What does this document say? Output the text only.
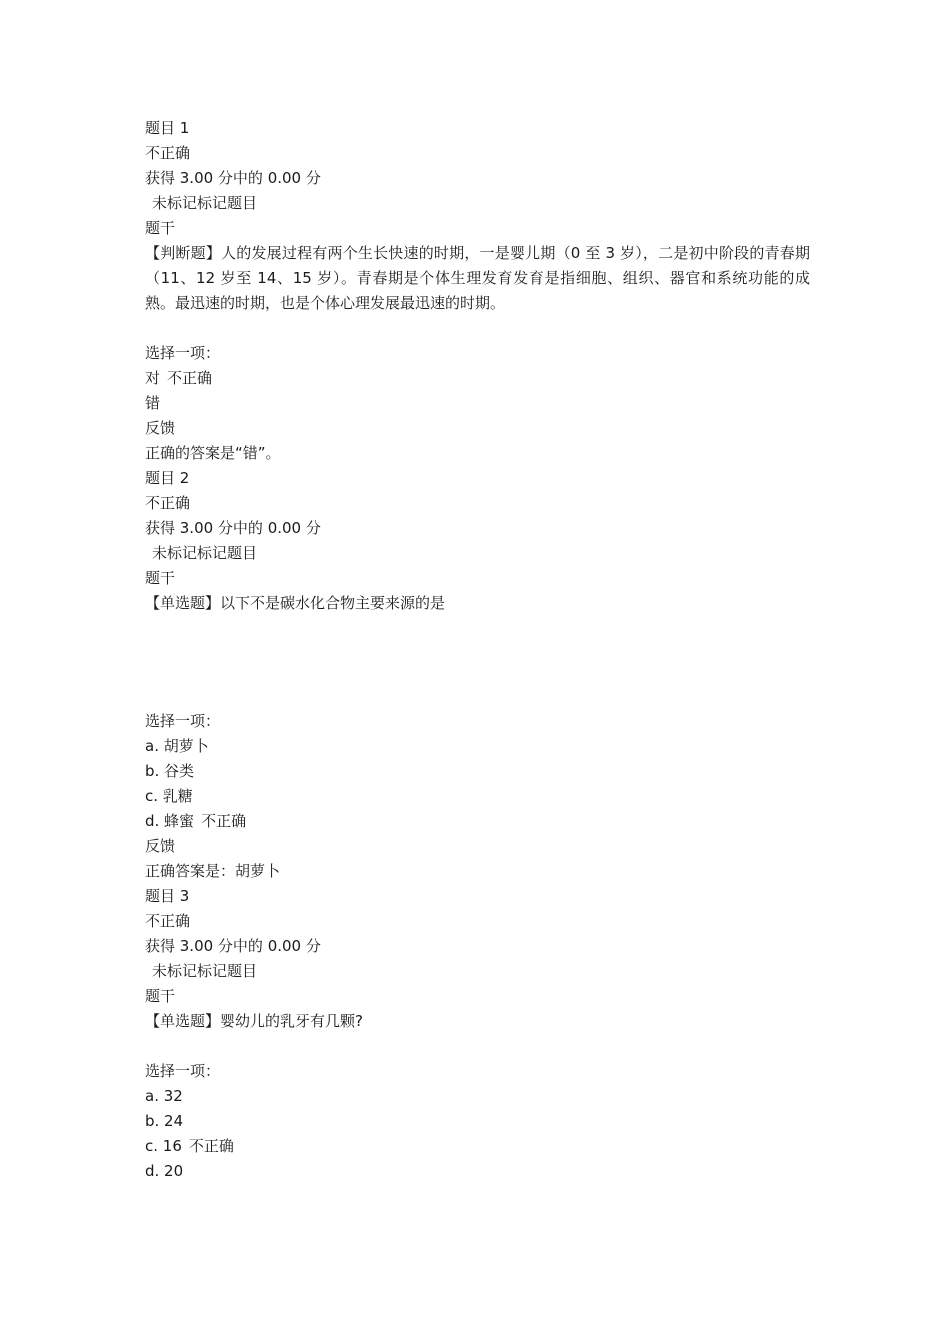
题目 1
不正确
获得 3.00 分中的 0.00 分
未标记标记题目
题干
【判断题】人的发展过程有两个生长快速的时期，一是婴儿期（0 至 3 岁），二是初中阶段的青春期（11、12 岁至 14、15 岁）。青春期是个体生理发育发育是指细胞、组织、器官和系统功能的成熟。最迅速的时期，也是个体心理发展最迅速的时期。
选择一项：
对 不正确
错
反馈
正确的答案是“错”。
题目 2
不正确
获得 3.00 分中的 0.00 分
未标记标记题目
题干
【单选题】以下不是碳水化合物主要来源的是
选择一项：
a. 胡萝卜
b. 谷类
c. 乳糖
d. 蜂蜜 不正确
反馈
正确答案是：胡萝卜
题目 3
不正确
获得 3.00 分中的 0.00 分
未标记标记题目
题干
【单选题】婴幼儿的乳牙有几颗?
选择一项：
a. 32
b. 24
c. 16 不正确
d. 20
